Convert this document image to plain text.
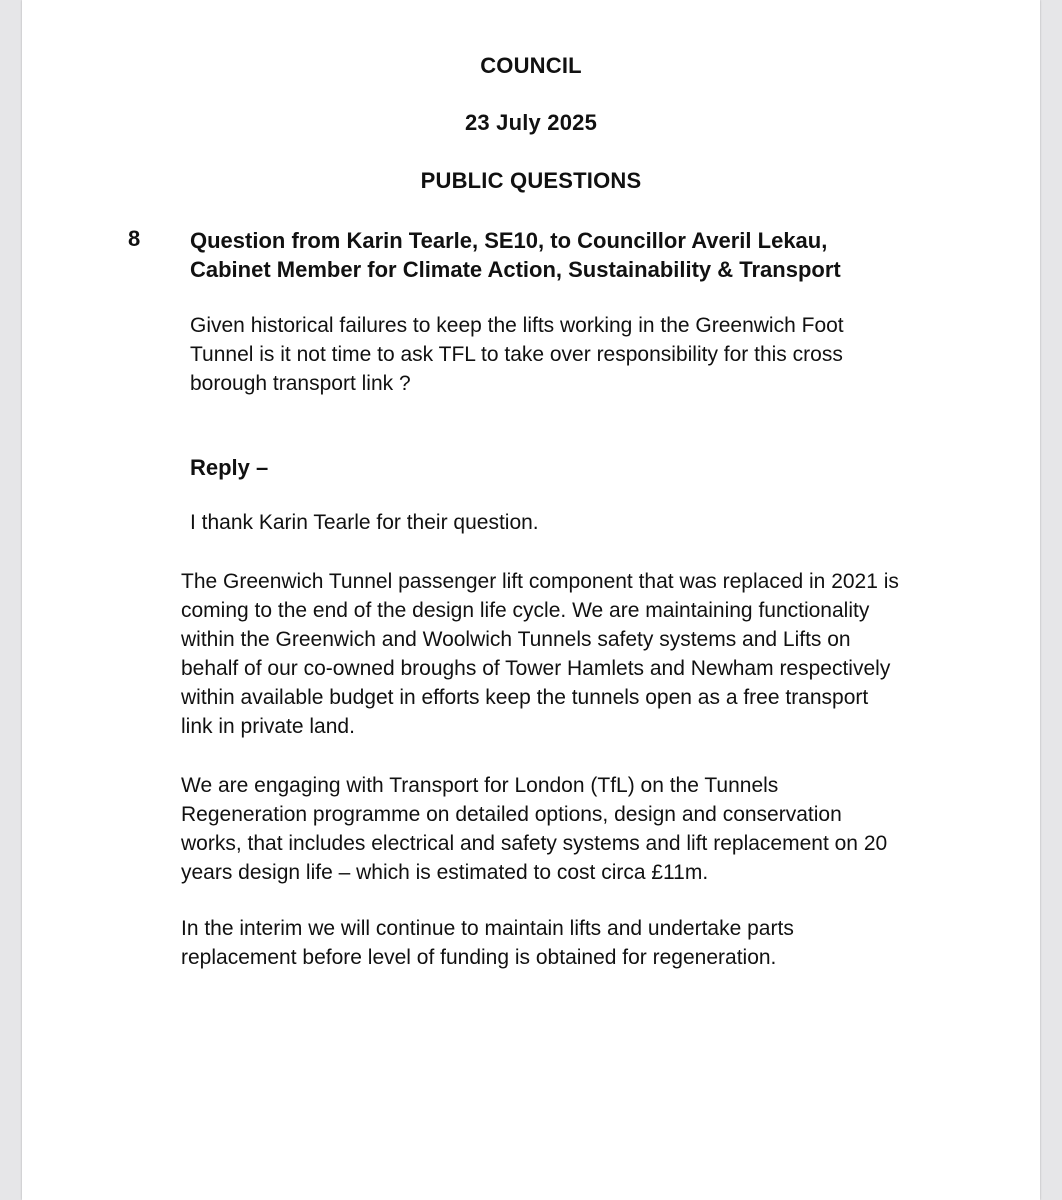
COUNCIL
23 July 2025
PUBLIC QUESTIONS
8 Question from Karin Tearle, SE10, to Councillor Averil Lekau,
Cabinet Member for Climate Action, Sustainability & Transport
Given historical failures to keep the lifts working in the Greenwich Foot
Tunnel is it not time to ask TFL to take over responsibility for this cross
borough transport link ?
Reply –
I thank Karin Tearle for their question.
The Greenwich Tunnel passenger lift component that was replaced in 2021 is
coming to the end of the design life cycle. We are maintaining functionality
within the Greenwich and Woolwich Tunnels safety systems and Lifts on
behalf of our co-owned broughs of Tower Hamlets and Newham respectively
within available budget in efforts keep the tunnels open as a free transport
link in private land.
We are engaging with Transport for London (TfL) on the Tunnels
Regeneration programme on detailed options, design and conservation
works, that includes electrical and safety systems and lift replacement on 20
years design life – which is estimated to cost circa £11m.
In the interim we will continue to maintain lifts and undertake parts
replacement before level of funding is obtained for regeneration.
